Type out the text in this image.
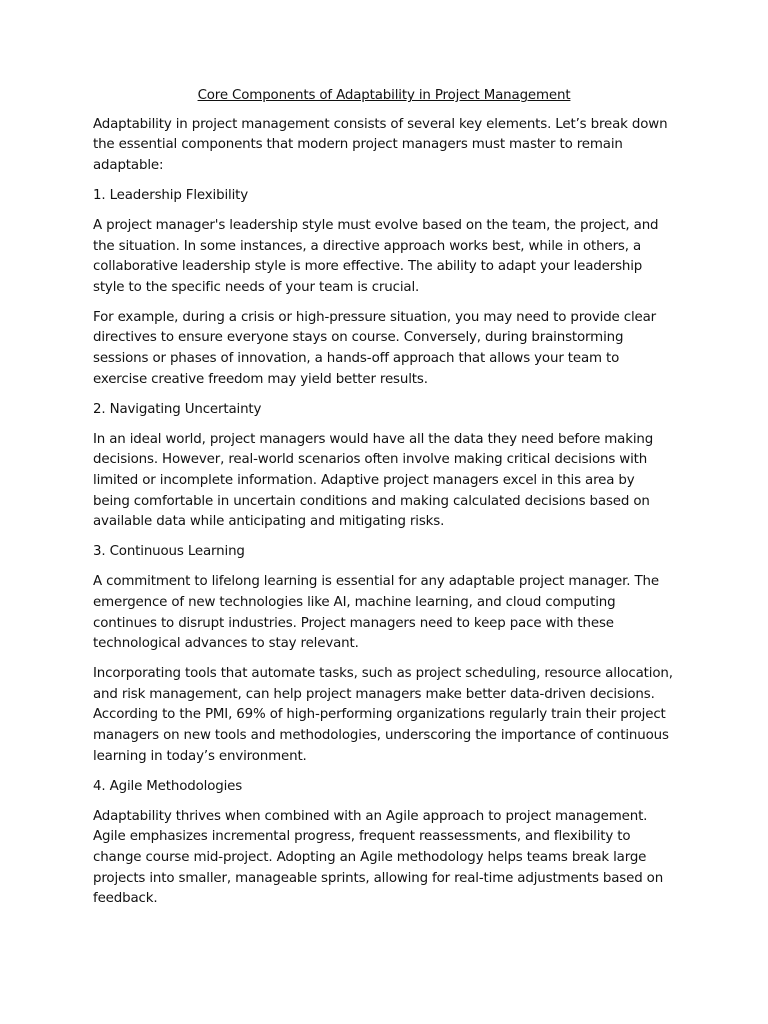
Core Components of Adaptability in Project Management

Adaptability in project management consists of several key elements. Let’s break down the essential components that modern project managers must master to remain adaptable:

1. Leadership Flexibility

A project manager's leadership style must evolve based on the team, the project, and the situation. In some instances, a directive approach works best, while in others, a collaborative leadership style is more effective. The ability to adapt your leadership style to the specific needs of your team is crucial.

For example, during a crisis or high-pressure situation, you may need to provide clear directives to ensure everyone stays on course. Conversely, during brainstorming sessions or phases of innovation, a hands-off approach that allows your team to exercise creative freedom may yield better results.

2. Navigating Uncertainty

In an ideal world, project managers would have all the data they need before making decisions. However, real-world scenarios often involve making critical decisions with limited or incomplete information. Adaptive project managers excel in this area by being comfortable in uncertain conditions and making calculated decisions based on available data while anticipating and mitigating risks.

3. Continuous Learning

A commitment to lifelong learning is essential for any adaptable project manager. The emergence of new technologies like AI, machine learning, and cloud computing continues to disrupt industries. Project managers need to keep pace with these technological advances to stay relevant.

Incorporating tools that automate tasks, such as project scheduling, resource allocation, and risk management, can help project managers make better data-driven decisions. According to the PMI, 69% of high-performing organizations regularly train their project managers on new tools and methodologies, underscoring the importance of continuous learning in today’s environment.

4. Agile Methodologies

Adaptability thrives when combined with an Agile approach to project management. Agile emphasizes incremental progress, frequent reassessments, and flexibility to change course mid-project. Adopting an Agile methodology helps teams break large projects into smaller, manageable sprints, allowing for real-time adjustments based on feedback.
